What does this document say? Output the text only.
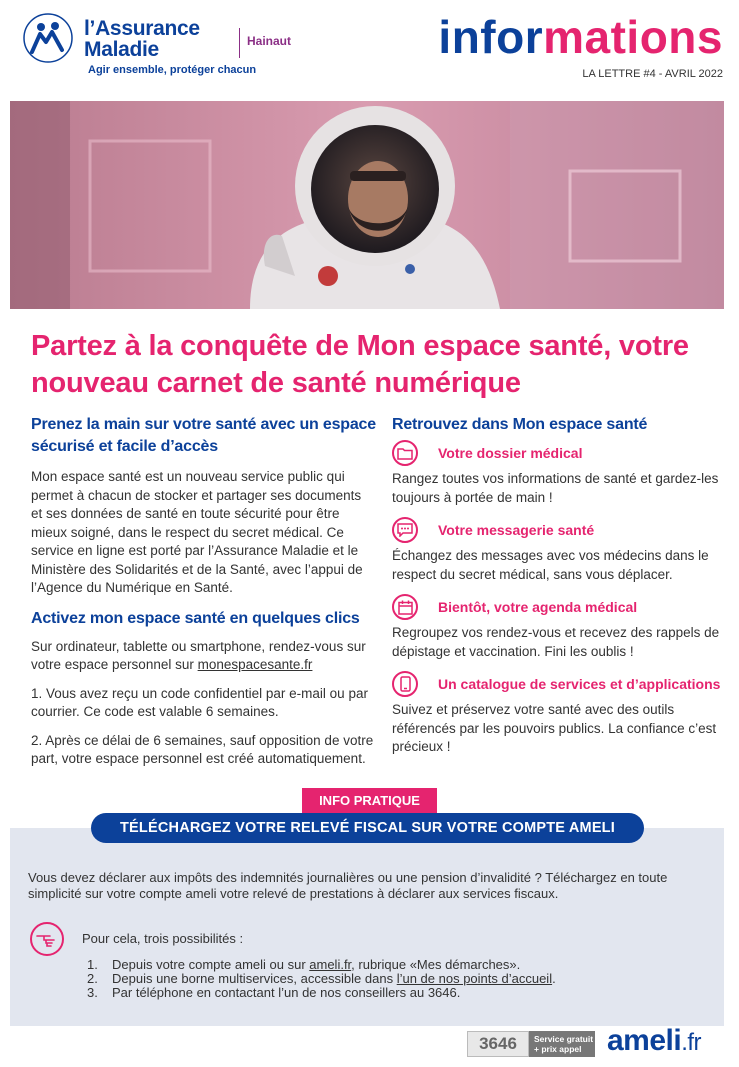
l’Assurance
Maladie
Agir ensemble, protéger chacun
Hainaut	informations
LA LETTRE #4 - AVRIL 2022
Partez à la conquête de Mon espace santé, votre nouveau carnet de santé numérique
Prenez la main sur votre santé avec un espace sécurisé et facile d’accès
Mon espace santé est un nouveau service public qui permet à chacun de stocker et partager ses documents et ses données de santé en toute sécurité pour être mieux soigné, dans le respect du secret médical. Ce service en ligne est porté par l’Assurance Maladie et le Ministère des Solidarités et de la Santé, avec l’appui de l’Agence du Numérique en Santé.
Activez mon espace santé en quelques clics
Sur ordinateur, tablette ou smartphone, rendez-vous sur votre espace personnel sur monespacesante.fr
1. Vous avez reçu un code confidentiel par e-mail ou par courrier. Ce code est valable 6 semaines.
2. Après ce délai de 6 semaines, sauf opposition de votre part, votre espace personnel est créé automatiquement.
Retrouvez dans Mon espace santé
Votre dossier médical
Rangez toutes vos informations de santé et gardez-les toujours à portée de main !
Votre messagerie santé
Échangez des messages avec vos médecins dans le respect du secret médical, sans vous déplacer.
Bientôt, votre agenda médical
Regroupez vos rendez-vous et recevez des rappels de dépistage et vaccination. Fini les oublis !
Un catalogue de services et d’applications
Suivez et préservez votre santé avec des outils référencés par les pouvoirs publics. La confiance c’est précieux !
INFO PRATIQUE
TÉLÉCHARGEZ VOTRE RELEVÉ FISCAL SUR VOTRE COMPTE AMELI
Vous devez déclarer aux impôts des indemnités journalières ou une pension d’invalidité ? Téléchargez en toute simplicité sur votre compte ameli votre relevé de prestations à déclarer aux services fiscaux.
Pour cela, trois possibilités :
1. Depuis votre compte ameli ou sur ameli.fr, rubrique «Mes démarches».
2. Depuis une borne multiservices, accessible dans l’un de nos points d’accueil.
3. Par téléphone en contactant l’un de nos conseillers au 3646.
3646	Service gratuit
+ prix appel ameli.fr
